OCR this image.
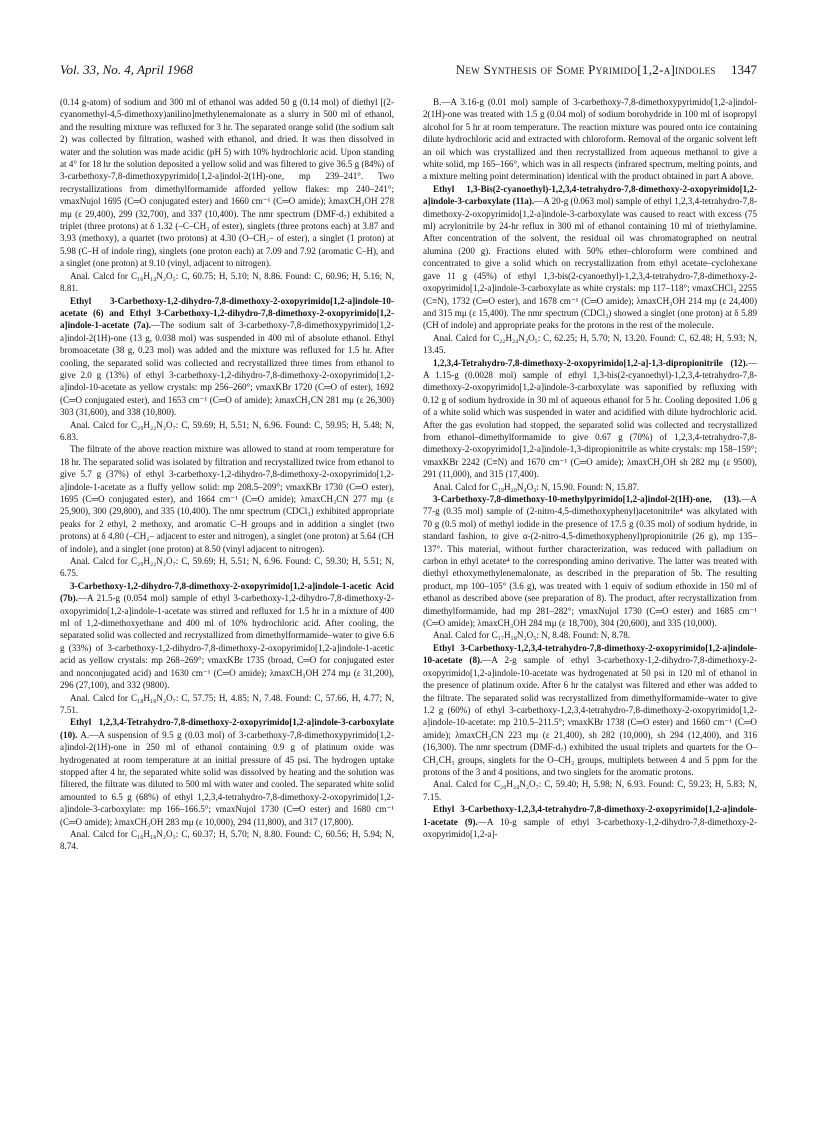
Vol. 33, No. 4, April 1968	New Synthesis of Some Pyrimido[1,2-a]indoles 1347

(0.14 g-atom) of sodium and 300 ml of ethanol was added 50 g (0.14 mol) of diethyl [(2-cyanomethyl-4,5-dimethoxy)anilino]methylenemalonate as a slurry in 500 ml of ethanol, and the resulting mixture was refluxed for 3 hr. The separated orange solid (the sodium salt 2) was collected by filtration, washed with ethanol, and dried. It was then dissolved in water and the solution was made acidic (pH 5) with 10% hydrochloric acid. Upon standing at 4° for 18 hr the solution deposited a yellow solid and was filtered to give 36.5 g (84%) of 3-carbethoxy-7,8-dimethoxypyrimido[1,2-a]indol-2(1H)-one, mp 239–241°. Two recrystallizations from dimethylformamide afforded yellow flakes: mp 240–241°; νmaxNujol 1695 (C═O conjugated ester) and 1660 cm⁻¹ (C═O amide); λmaxCH₃OH 278 mμ (ε 29,400), 299 (32,700), and 337 (10,400). The nmr spectrum (DMF-d₇) exhibited a triplet (three protons) at δ 1.32 (–C–CH₃ of ester), singlets (three protons each) at 3.87 and 3.93 (methoxy), a quartet (two protons) at 4.30 (O–CH₂– of ester), a singlet (1 proton) at 5.98 (C–H of indole ring), singlets (one proton each) at 7.09 and 7.92 (aromatic C–H), and a singlet (one proton) at 9.10 (vinyl, adjacent to nitrogen).

Anal. Calcd for C₁₆H₁₄N₂O₅: C, 60.75; H, 5.10; N, 8.86. Found: C, 60.96; H, 5.16; N, 8.81.

Ethyl 3-Carbethoxy-1,2-dihydro-7,8-dimethoxy-2-oxopyrimido[1,2-a]indole-10-acetate (6) and Ethyl 3-Carbethoxy-1,2-dihydro-7,8-dimethoxy-2-oxopyrimido[1,2-a]indole-1-acetate (7a).—The sodium salt of 3-carbethoxy-7,8-dimethoxypyrimido[1,2-a]indol-2(1H)-one (13 g, 0.038 mol) was suspended in 400 ml of absolute ethanol. Ethyl bromoacetate (38 g, 0.23 mol) was added and the mixture was refluxed for 1.5 hr. After cooling, the separated solid was collected and recrystallized three times from ethanol to give 2.0 g (13%) of ethyl 3-carbethoxy-1,2-dihydro-7,8-dimethoxy-2-oxopyrimido[1,2-a]indol-10-acetate as yellow crystals: mp 256–260°; νmaxKBr 1720 (C═O of ester), 1692 (C═O conjugated ester), and 1653 cm⁻¹ (C═O of amide); λmaxCH₃CN 281 mμ (ε 26,300) 303 (31,600), and 338 (10,800).

Anal. Calcd for C₂₀H₂₂N₂O₇: C, 59.69; H, 5.51; N, 6.96. Found: C, 59.95; H, 5.48; N, 6.83.

The filtrate of the above reaction mixture was allowed to stand at room temperature for 18 hr. The separated solid was isolated by filtration and recrystallized twice from ethanol to give 5.7 g (37%) of ethyl 3-carbethoxy-1,2-dihydro-7,8-dimethoxy-2-oxopyrimido[1,2-a]indole-1-acetate as a fluffy yellow solid: mp 208.5–209°; νmaxKBr 1730 (C═O ester), 1695 (C═O conjugated ester), and 1664 cm⁻¹ (C═O amide); λmaxCH₃CN 277 mμ (ε 25,900), 300 (29,800), and 335 (10,400). The nmr spectrum (CDCl₃) exhibited appropriate peaks for 2 ethyl, 2 methoxy, and aromatic C–H groups and in addition a singlet (two protons) at δ 4.80 (–CH₂– adjacent to ester and nitrogen), a singlet (one proton) at 5.64 (CH of indole), and a singlet (one proton) at 8.50 (vinyl adjacent to nitrogen).

Anal. Calcd for C₂₀H₂₂N₂O₇: C, 59.69; H, 5.51; N, 6.96. Found: C, 59.30; H, 5.51; N, 6.75.

3-Carbethoxy-1,2-dihydro-7,8-dimethoxy-2-oxopyrimido[1,2-a]indole-1-acetic Acid (7b).—A 21.5-g (0.054 mol) sample of ethyl 3-carbethoxy-1,2-dihydro-7,8-dimethoxy-2-oxopyrimido[1,2-a]indole-1-acetate was stirred and refluxed for 1.5 hr in a mixture of 400 ml of 1,2-dimethoxyethane and 400 ml of 10% hydrochloric acid. After cooling, the separated solid was collected and recrystallized from dimethylformamide–water to give 6.6 g (33%) of 3-carbethoxy-1,2-dihydro-7,8-dimethoxy-2-oxopyrimido[1,2-a]indole-1-acetic acid as yellow crystals: mp 268–269°; νmaxKBr 1735 (broad, C═O for conjugated ester and nonconjugated acid) and 1630 cm⁻¹ (C═O amide); λmaxCH₃OH 274 mμ (ε 31,200), 296 (27,100), and 332 (9800).

Anal. Calcd for C₁₈H₁₈N₂O₇: C, 57.75; H, 4.85; N, 7.48. Found: C, 57.66, H, 4.77; N, 7.51.

Ethyl 1,2,3,4-Tetrahydro-7,8-dimethoxy-2-oxopyrimido[1,2-a]indole-3-carboxylate (10). A.—A suspension of 9.5 g (0.03 mol) of 3-carbethoxy-7,8-dimethoxypyrimido[1,2-a]indol-2(1H)-one in 250 ml of ethanol containing 0.9 g of platinum oxide was hydrogenated at room temperature at an initial pressure of 45 psi. The hydrogen uptake stopped after 4 hr, the separated white solid was dissolved by heating and the solution was filtered, the filtrate was diluted to 500 ml with water and cooled. The separated white solid amounted to 6.5 g (68%) of ethyl 1,2,3,4-tetrahydro-7,8-dimethoxy-2-oxopyrimido[1,2-a]indole-3-carboxylate: mp 166–166.5°; νmaxNujol 1730 (C═O ester) and 1680 cm⁻¹ (C═O amide); λmaxCH₃OH 283 mμ (ε 10,000), 294 (11,800), and 317 (17,800).

Anal. Calcd for C₁₆H₁₈N₂O₅: C, 60.37; H, 5.70; N, 8.80. Found: C, 60.56; H, 5.94; N, 8.74.

B.—A 3.16-g (0.01 mol) sample of 3-carbethoxy-7,8-dimethoxypyrimido[1,2-a]indol-2(1H)-one was treated with 1.5 g (0.04 mol) of sodium borohydride in 100 ml of isopropyl alcohol for 5 hr at room temperature. The reaction mixture was poured onto ice containing dilute hydrochloric acid and extracted with chloroform. Removal of the organic solvent left an oil which was crystallized and then recrystallized from aqueous methanol to give a white solid, mp 165–166°, which was in all respects (infrared spectrum, melting points, and a mixture melting point determination) identical with the product obtained in part A above.

Ethyl 1,3-Bis(2-cyanoethyl)-1,2,3,4-tetrahydro-7,8-dimethoxy-2-oxopyrimido[1,2-a]indole-3-carboxylate (11a).—A 20-g (0.063 mol) sample of ethyl 1,2,3,4-tetrahydro-7,8-dimethoxy-2-oxopyrimido[1,2-a]indole-3-carboxylate was caused to react with excess (75 ml) acrylonitrile by 24-hr reflux in 300 ml of ethanol containing 10 ml of triethylamine. After concentration of the solvent, the residual oil was chromatographed on neutral alumina (200 g). Fractions eluted with 50% ether–chloroform were combined and concentrated to give a solid which on recrystallization from ethyl acetate–cyclohexane gave 11 g (45%) of ethyl 1,3-bis(2-cyanoethyl)-1,2,3,4-tetrahydro-7,8-dimethoxy-2-oxopyrimido[1,2-a]indole-3-carboxylate as white crystals: mp 117–118°; νmaxCHCl₃ 2255 (C≡N), 1732 (C═O ester), and 1678 cm⁻¹ (C═O amide); λmaxCH₃OH 214 mμ (ε 24,400) and 315 mμ (ε 15,400). The nmr spectrum (CDCl₃) showed a singlet (one proton) at δ 5.89 (CH of indole) and appropriate peaks for the protons in the rest of the molecule.

Anal. Calcd for C₂₂H₂₄N₄O₅: C, 62.25; H, 5.70; N, 13.20. Found: C, 62.48; H, 5.93; N, 13.45.

1,2,3,4-Tetrahydro-7,8-dimethoxy-2-oxopyrimido[1,2-a]-1,3-dipropionitrile (12).—A 1.15-g (0.0028 mol) sample of ethyl 1,3-bis(2-cyanoethyl)-1,2,3,4-tetrahydro-7,8-dimethoxy-2-oxopyrimido[1,2-a]indole-3-carboxylate was saponified by refluxing with 0.12 g of sodium hydroxide in 30 ml of aqueous ethanol for 5 hr. Cooling deposited 1.06 g of a white solid which was suspended in water and acidified with dilute hydrochloric acid. After the gas evolution had stopped, the separated solid was collected and recrystallized from ethanol–dimethylformamide to give 0.67 g (70%) of 1,2,3,4-tetrahydro-7,8-dimethoxy-2-oxopyrimido[1,2-a]indole-1,3-dipropionitrile as white crystals: mp 158–159°; νmaxKBr 2242 (C≡N) and 1670 cm⁻¹ (C═O amide); λmaxCH₃OH sh 282 mμ (ε 9500), 291 (11,000), and 315 (17,400).

Anal. Calcd for C₁₉H₂₀N₄O₃: N, 15.90. Found: N, 15.87.

3-Carbethoxy-7,8-dimethoxy-10-methylpyrimido[1,2-a]indol-2(1H)-one, (13).—A 77-g (0.35 mol) sample of (2-nitro-4,5-dimethoxyphenyl)acetonitrile⁴ was alkylated with 70 g (0.5 mol) of methyl iodide in the presence of 17.5 g (0.35 mol) of sodium hydride, in standard fashion, to give α-(2-nitro-4,5-dimethoxyphenyl)propionitrile (26 g), mp 135–137°. This material, without further characterization, was reduced with palladium on carbon in ethyl acetate⁴ to the corresponding amino derivative. The latter was treated with diethyl ethoxymethylenemalonate, as described in the preparation of 5b. The resulting product, mp 100–105° (3.6 g), was treated with 1 equiv of sodium ethoxide in 150 ml of ethanol as described above (see preparation of 8). The product, after recrystallization from dimethylformamide, had mp 281–282°; νmaxNujol 1730 (C═O ester) and 1685 cm⁻¹ (C═O amide); λmaxCH₃OH 284 mμ (ε 18,700), 304 (20,600), and 335 (10,000).

Anal. Calcd for C₁₇H₁₈N₂O₅: N, 8.48. Found: N, 8.78.

Ethyl 3-Carbethoxy-1,2,3,4-tetrahydro-7,8-dimethoxy-2-oxopyrimido[1,2-a]indole-10-acetate (8).—A 2-g sample of ethyl 3-carbethoxy-1,2-dihydro-7,8-dimethoxy-2-oxopyrimido[1,2-a]indole-10-acetate was hydrogenated at 50 psi in 120 ml of ethanol in the presence of platinum oxide. After 6 hr the catalyst was filtered and ether was added to the filtrate. The separated solid was recrystallized from dimethylformamide–water to give 1.2 g (60%) of ethyl 3-carbethoxy-1,2,3,4-tetrahydro-7,8-dimethoxy-2-oxopyrimido[1,2-a]indole-10-acetate: mp 210.5–211.5°; νmaxKBr 1738 (C═O ester) and 1660 cm⁻¹ (C═O amide); λmaxCH₃CN 223 mμ (ε 21,400), sh 282 (10,000), sh 294 (12,400), and 316 (16,300). The nmr spectrum (DMF-d₇) exhibited the usual triplets and quartets for the O–CH₂CH₃ groups, singlets for the O–CH₃ groups, multiplets between 4 and 5 ppm for the protons of the 3 and 4 positions, and two singlets for the aromatic protons.

Anal. Calcd for C₂₀H₂₄N₂O₇: C, 59.40; H, 5.98; N, 6.93. Found: C, 59.23; H, 5.83; N, 7.15.

Ethyl 3-Carbethoxy-1,2,3,4-tetrahydro-7,8-dimethoxy-2-oxopyrimido[1,2-a]indole-1-acetate (9).—A 10-g sample of ethyl 3-carbethoxy-1,2-dihydro-7,8-dimethoxy-2-oxopyrimido[1,2-a]-
